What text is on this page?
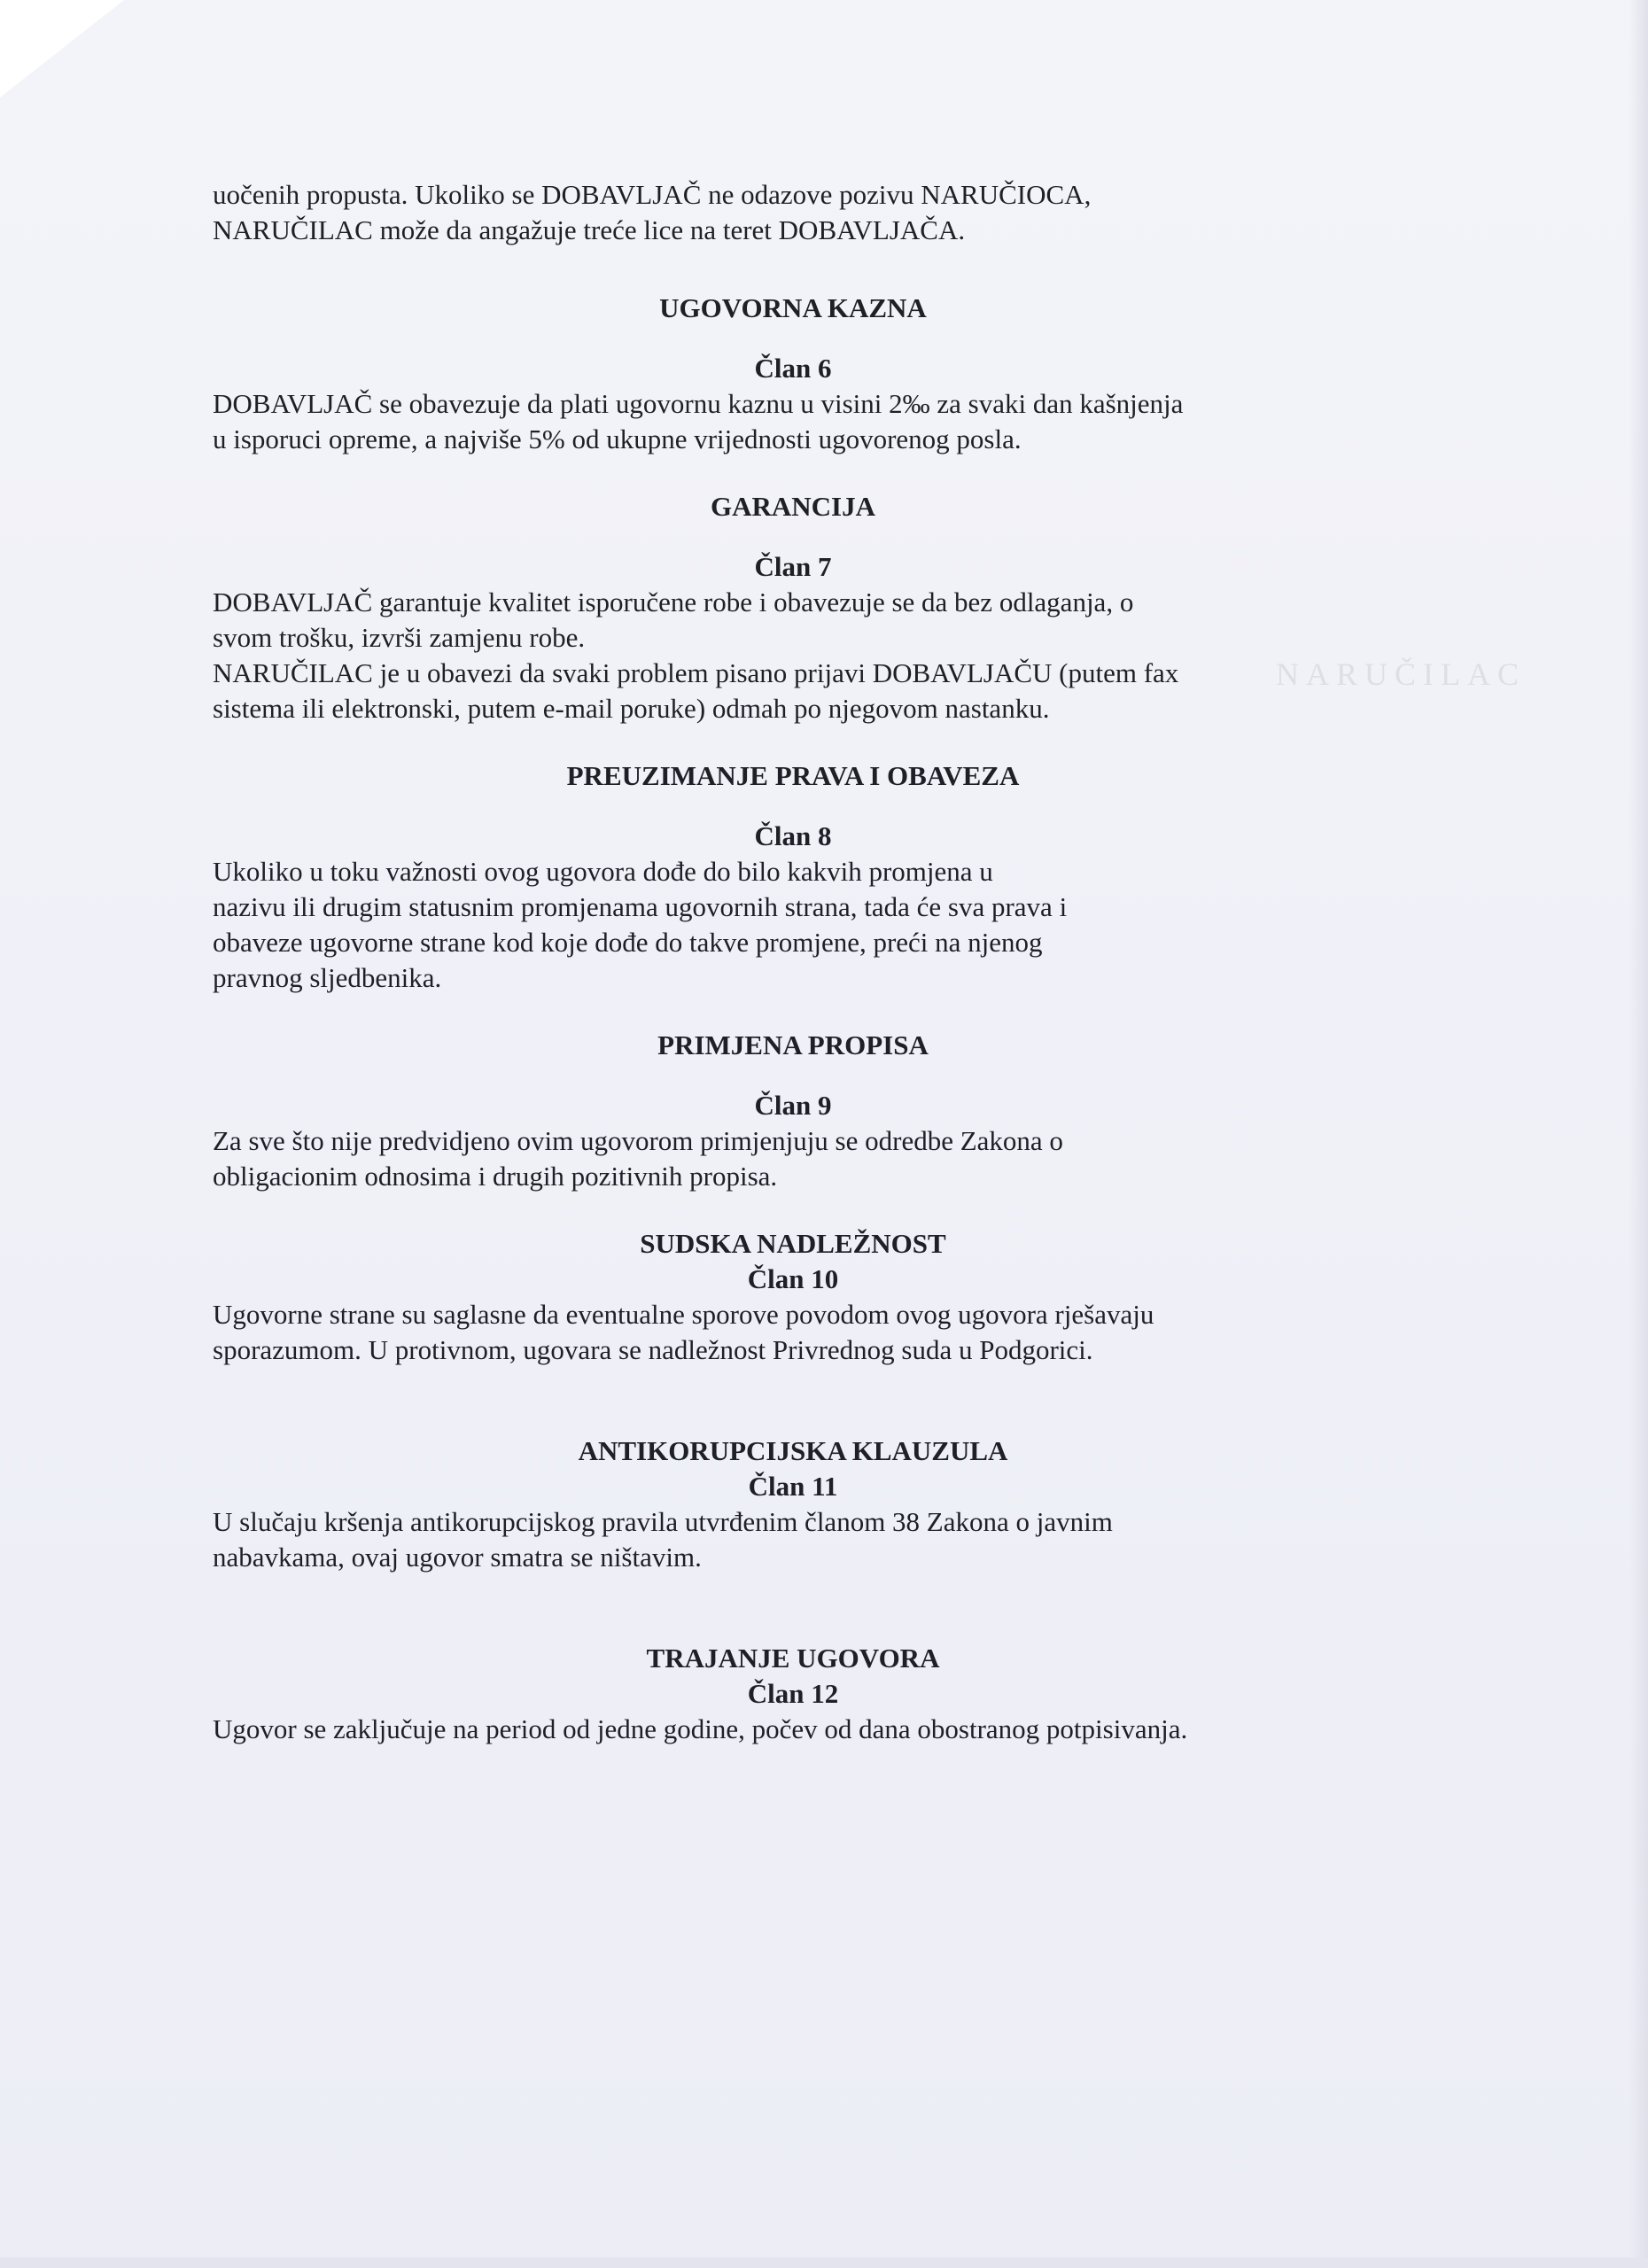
NARUČILAC

uočenih propusta. Ukoliko se DOBAVLJAČ ne odazove pozivu NARUČIOCA,
NARUČILAC može da angažuje treće lice na teret DOBAVLJAČA.

UGOVORNA KAZNA

Član 6

DOBAVLJAČ se obavezuje da plati ugovornu kaznu u visini 2‰ za svaki dan kašnjenja
u isporuci opreme, a najviše 5% od ukupne vrijednosti ugovorenog posla.

GARANCIJA

Član 7

DOBAVLJAČ garantuje kvalitet isporučene robe i obavezuje se da bez odlaganja, o
svom trošku, izvrši zamjenu robe.
NARUČILAC je u obavezi da svaki problem pisano prijavi DOBAVLJAČU (putem fax
sistema ili elektronski, putem e-mail poruke) odmah po njegovom nastanku.

PREUZIMANJE PRAVA I OBAVEZA

Član 8

Ukoliko u toku važnosti ovog ugovora dođe do bilo kakvih promjena u
nazivu ili drugim statusnim promjenama ugovornih strana, tada će sva prava i
obaveze ugovorne strane kod koje dođe do takve promjene, preći na njenog
pravnog sljedbenika.

PRIMJENA PROPISA

Član 9

Za sve što nije predvidjeno ovim ugovorom primjenjuju se odredbe Zakona o
obligacionim odnosima i drugih pozitivnih propisa.

SUDSKA NADLEŽNOST

Član 10

Ugovorne strane su saglasne da eventualne sporove povodom ovog ugovora rješavaju
sporazumom. U protivnom, ugovara se nadležnost Privrednog suda u Podgorici.

ANTIKORUPCIJSKA KLAUZULA

Član 11

U slučaju kršenja antikorupcijskog pravila utvrđenim članom 38 Zakona o javnim
nabavkama, ovaj ugovor smatra se ništavim.

TRAJANJE UGOVORA

Član 12

Ugovor se zaključuje na period od jedne godine, počev od dana obostranog potpisivanja.
